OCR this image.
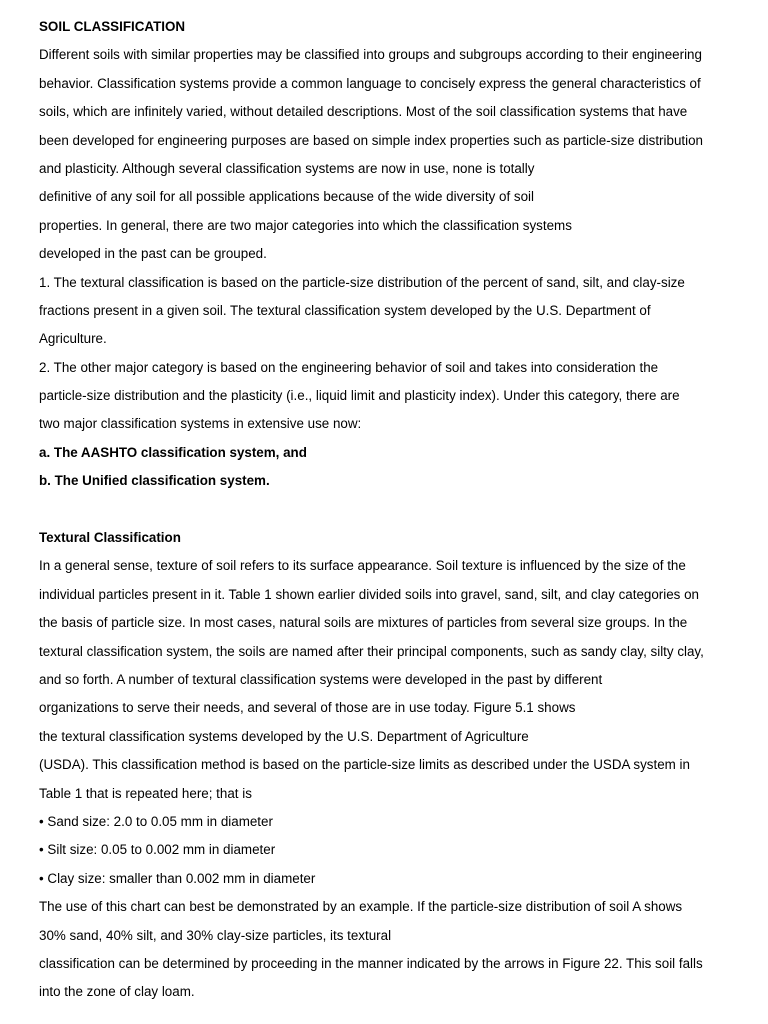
SOIL CLASSIFICATION
Different soils with similar properties may be classified into groups and subgroups according to their engineering
behavior. Classification systems provide a common language to concisely express the general characteristics of
soils, which are infinitely varied, without detailed descriptions. Most of the soil classification systems that have
been developed for engineering purposes are based on simple index properties such as particle-size distribution
and plasticity. Although several classification systems are now in use, none is totally
definitive of any soil for all possible applications because of the wide diversity of soil
properties. In general, there are two major categories into which the classification systems
developed in the past can be grouped.
1. The textural classification is based on the particle-size distribution of the percent of sand, silt, and clay-size
fractions present in a given soil. The textural classification system developed by the U.S. Department of
Agriculture.
2. The other major category is based on the engineering behavior of soil and takes into consideration the
particle-size distribution and the plasticity (i.e., liquid limit and plasticity index). Under this category, there are
two major classification systems in extensive use now:
a. The AASHTO classification system, and
b. The Unified classification system.
Textural Classification
In a general sense, texture of soil refers to its surface appearance. Soil texture is influenced by the size of the
individual particles present in it. Table 1 shown earlier divided soils into gravel, sand, silt, and clay categories on
the basis of particle size. In most cases, natural soils are mixtures of particles from several size groups. In the
textural classification system, the soils are named after their principal components, such as sandy clay, silty clay,
and so forth. A number of textural classification systems were developed in the past by different
organizations to serve their needs, and several of those are in use today. Figure 5.1 shows
the textural classification systems developed by the U.S. Department of Agriculture
(USDA). This classification method is based on the particle-size limits as described under the USDA system in
Table 1 that is repeated here; that is
• Sand size: 2.0 to 0.05 mm in diameter
• Silt size: 0.05 to 0.002 mm in diameter
• Clay size: smaller than 0.002 mm in diameter
The use of this chart can best be demonstrated by an example. If the particle-size distribution of soil A shows
30% sand, 40% silt, and 30% clay-size particles, its textural
classification can be determined by proceeding in the manner indicated by the arrows in Figure 22. This soil falls
into the zone of clay loam.
